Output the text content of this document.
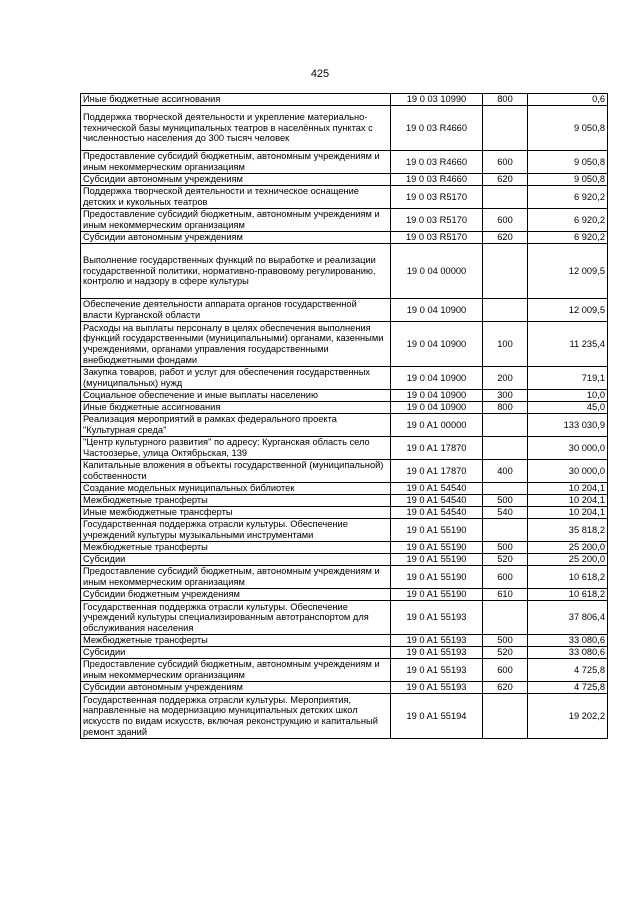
425
Иные бюджетные ассигнования	19 0 03 10990	800	0,6
Поддержка творческой деятельности и укрепление материально-технической базы муниципальных театров в населённых пунктах с численностью населения до 300 тысяч человек	19 0 03 R4660		9 050,8
Предоставление субсидий бюджетным, автономным учреждениям и иным некоммерческим организациям	19 0 03 R4660	600	9 050,8
Субсидии автономным учреждениям	19 0 03 R4660	620	9 050,8
Поддержка творческой деятельности и техническое оснащение детских и кукольных театров	19 0 03 R5170		6 920,2
Предоставление субсидий бюджетным, автономным учреждениям и иным некоммерческим организациям	19 0 03 R5170	600	6 920,2
Субсидии автономным учреждениям	19 0 03 R5170	620	6 920,2
Выполнение государственных функций по выработке и реализации государственной политики, нормативно-правовому регулированию, контролю и надзору в сфере культуры	19 0 04 00000		12 009,5
Обеспечение деятельности аппарата органов государственной власти Курганской области	19 0 04 10900		12 009,5
Расходы на выплаты персоналу в целях обеспечения выполнения функций государственными (муниципальными) органами, казенными учреждениями, органами управления государственными внебюджетными фондами	19 0 04 10900	100	11 235,4
Закупка товаров, работ и услуг для обеспечения государственных (муниципальных) нужд	19 0 04 10900	200	719,1
Социальное обеспечение и иные выплаты населению	19 0 04 10900	300	10,0
Иные бюджетные ассигнования	19 0 04 10900	800	45,0
Реализация мероприятий в рамках федерального проекта "Культурная среда"	19 0 A1 00000		133 030,9
"Центр культурного развития" по адресу: Курганская область село Частоозерье, улица Октябрьская, 139	19 0 A1 17870		30 000,0
Капитальные вложения в объекты государственной (муниципальной) собственности	19 0 A1 17870	400	30 000,0
Создание модельных муниципальных библиотек	19 0 A1 54540		10 204,1
Межбюджетные трансферты	19 0 A1 54540	500	10 204,1
Иные межбюджетные трансферты	19 0 A1 54540	540	10 204,1
Государственная поддержка отрасли культуры. Обеспечение учреждений культуры музыкальными инструментами	19 0 A1 55190		35 818,2
Межбюджетные трансферты	19 0 A1 55190	500	25 200,0
Субсидии	19 0 A1 55190	520	25 200,0
Предоставление субсидий бюджетным, автономным учреждениям и иным некоммерческим организациям	19 0 A1 55190	600	10 618,2
Субсидии бюджетным учреждениям	19 0 A1 55190	610	10 618,2
Государственная поддержка отрасли культуры. Обеспечение учреждений культуры специализированным автотранспортом для обслуживания населения	19 0 A1 55193		37 806,4
Межбюджетные трансферты	19 0 A1 55193	500	33 080,6
Субсидии	19 0 A1 55193	520	33 080,6
Предоставление субсидий бюджетным, автономным учреждениям и иным некоммерческим организациям	19 0 A1 55193	600	4 725,8
Субсидии автономным учреждениям	19 0 A1 55193	620	4 725,8
Государственная поддержка отрасли культуры. Мероприятия, направленные на модернизацию муниципальных детских школ искусств по видам искусств, включая реконструкцию и капитальный ремонт зданий	19 0 A1 55194		19 202,2
